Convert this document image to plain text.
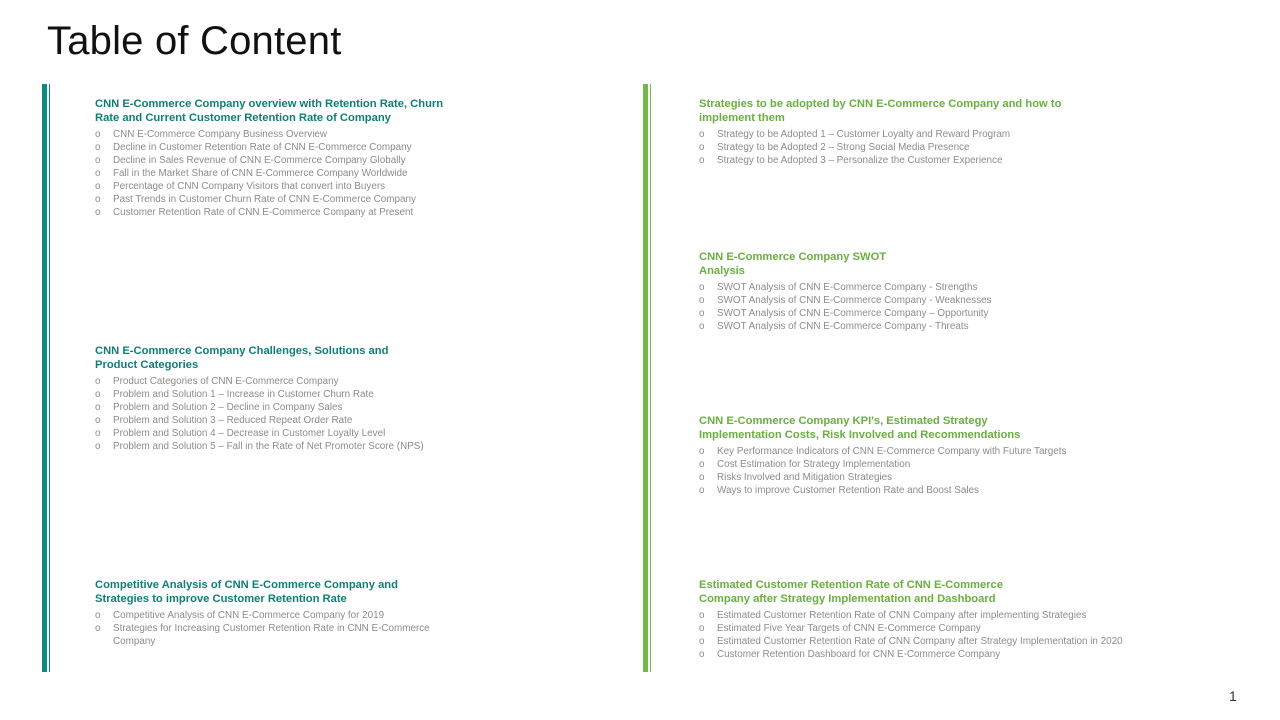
Table of Content
CNN E-Commerce Company overview with Retention Rate, Churn Rate and Current Customer Retention Rate of Company
o CNN E-Commerce Company Business Overview
o Decline in Customer Retention Rate of CNN E-Commerce Company
o Decline in Sales Revenue of CNN E-Commerce Company Globally
o Fall in the Market Share of CNN E-Commerce Company Worldwide
o Percentage of CNN Company Visitors that convert into Buyers
o Past Trends in Customer Churn Rate of CNN E-Commerce Company
o Customer Retention Rate of CNN E-Commerce Company at Present
CNN E-Commerce Company Challenges, Solutions and Product Categories
o Product Categories of CNN E-Commerce Company
o Problem and Solution 1 – Increase in Customer Churn Rate
o Problem and Solution 2 – Decline in Company Sales
o Problem and Solution 3 – Reduced Repeat Order Rate
o Problem and Solution 4 – Decrease in Customer Loyalty Level
o Problem and Solution 5 – Fall in the Rate of Net Promoter Score (NPS)
Competitive Analysis of CNN E-Commerce Company and Strategies to improve Customer Retention Rate
o Competitive Analysis of CNN E-Commerce Company for 2019
o Strategies for Increasing Customer Retention Rate in CNN E-Commerce Company
Strategies to be adopted by CNN E-Commerce Company and how to implement them
o Strategy to be Adopted 1 – Customer Loyalty and Reward Program
o Strategy to be Adopted 2 – Strong Social Media Presence
o Strategy to be Adopted 3 – Personalize the Customer Experience
CNN E-Commerce Company SWOT Analysis
o SWOT Analysis of CNN E-Commerce Company - Strengths
o SWOT Analysis of CNN E-Commerce Company - Weaknesses
o SWOT Analysis of CNN E-Commerce Company – Opportunity
o SWOT Analysis of CNN E-Commerce Company - Threats
CNN E-Commerce Company KPI's, Estimated Strategy Implementation Costs, Risk Involved and Recommendations
o Key Performance Indicators of CNN E-Commerce Company with Future Targets
o Cost Estimation for Strategy Implementation
o Risks Involved and Mitigation Strategies
o Ways to improve Customer Retention Rate and Boost Sales
Estimated Customer Retention Rate of CNN E-Commerce Company after Strategy Implementation and Dashboard
o Estimated Customer Retention Rate of CNN Company after implementing Strategies
o Estimated Five Year Targets of CNN E-Commerce Company
o Estimated Customer Retention Rate of CNN Company after Strategy Implementation in 2020
o Customer Retention Dashboard for CNN E-Commerce Company
1
